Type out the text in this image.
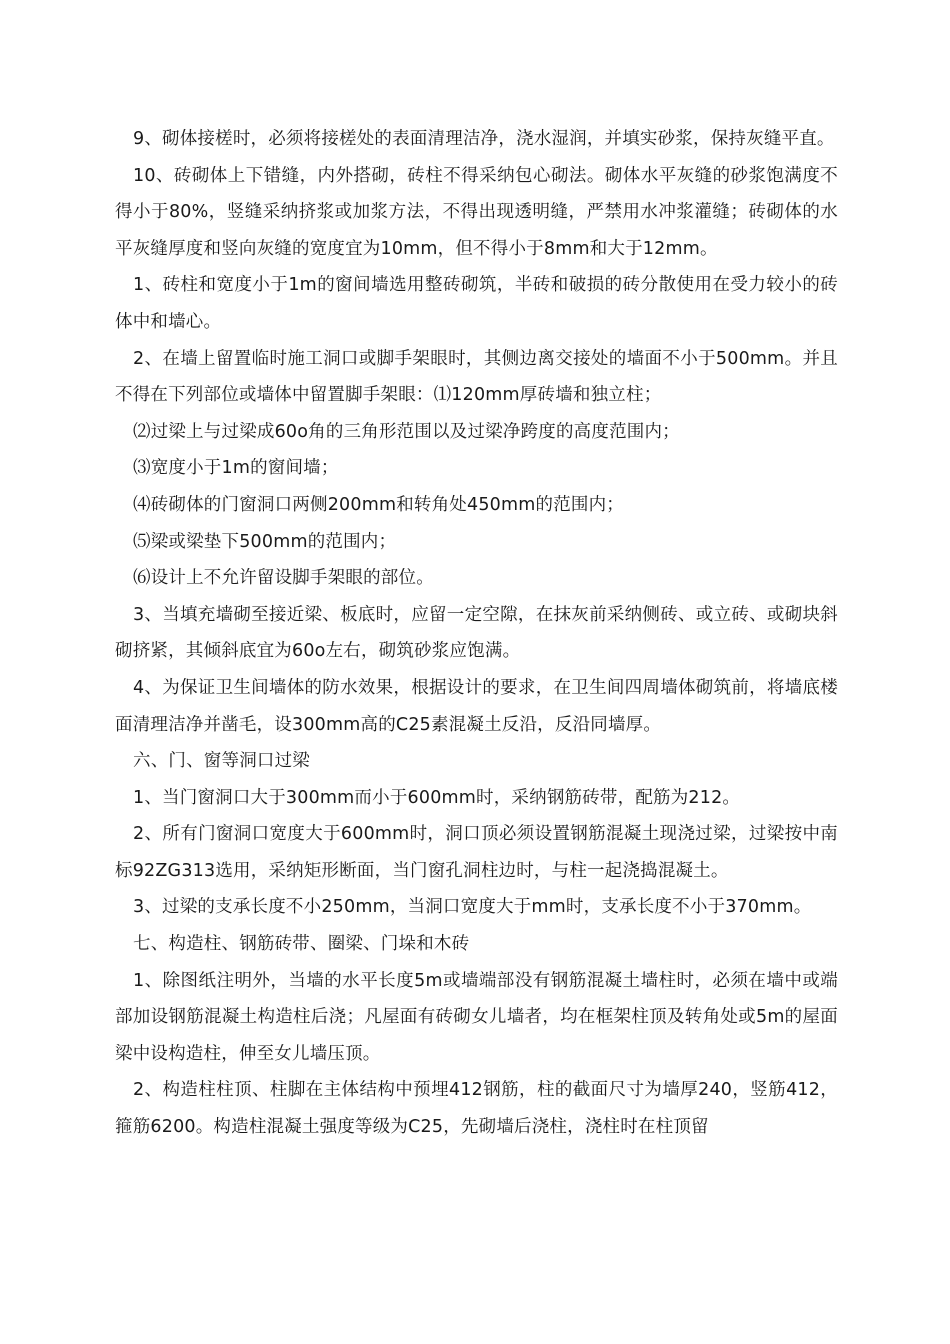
9、砌体接槎时，必须将接槎处的表面清理洁净，浇水湿润，并填实砂浆，保持灰缝平直。

10、砖砌体上下错缝，内外搭砌，砖柱不得采纳包心砌法。砌体水平灰缝的砂浆饱满度不得小于80%，竖缝采纳挤浆或加浆方法，不得出现透明缝，严禁用水冲浆灌缝；砖砌体的水平灰缝厚度和竖向灰缝的宽度宜为10mm，但不得小于8mm和大于12mm。

1、砖柱和宽度小于1m的窗间墙选用整砖砌筑，半砖和破损的砖分散使用在受力较小的砖体中和墙心。

2、在墙上留置临时施工洞口或脚手架眼时，其侧边离交接处的墙面不小于500mm。并且不得在下列部位或墙体中留置脚手架眼：⑴120mm厚砖墙和独立柱；

⑵过梁上与过梁成60o角的三角形范围以及过梁净跨度的高度范围内；

⑶宽度小于1m的窗间墙；

⑷砖砌体的门窗洞口两侧200mm和转角处450mm的范围内；

⑸梁或梁垫下500mm的范围内；

⑹设计上不允许留设脚手架眼的部位。

3、当填充墙砌至接近梁、板底时，应留一定空隙，在抹灰前采纳侧砖、或立砖、或砌块斜砌挤紧，其倾斜底宜为60o左右，砌筑砂浆应饱满。

4、为保证卫生间墙体的防水效果，根据设计的要求，在卫生间四周墙体砌筑前，将墙底楼面清理洁净并凿毛，设300mm高的C25素混凝土反沿，反沿同墙厚。

六、门、窗等洞口过梁

1、当门窗洞口大于300mm而小于600mm时，采纳钢筋砖带，配筋为212。

2、所有门窗洞口宽度大于600mm时，洞口顶必须设置钢筋混凝土现浇过梁，过梁按中南标92ZG313选用，采纳矩形断面，当门窗孔洞柱边时，与柱一起浇捣混凝土。

3、过梁的支承长度不小250mm，当洞口宽度大于mm时，支承长度不小于370mm。

七、构造柱、钢筋砖带、圈梁、门垛和木砖

1、除图纸注明外，当墙的水平长度5m或墙端部没有钢筋混凝土墙柱时，必须在墙中或端部加设钢筋混凝土构造柱后浇；凡屋面有砖砌女儿墙者，均在框架柱顶及转角处或5m的屋面梁中设构造柱，伸至女儿墙压顶。

2、构造柱柱顶、柱脚在主体结构中预埋412钢筋，柱的截面尺寸为墙厚240，竖筋412，箍筋6200。构造柱混凝土强度等级为C25，先砌墙后浇柱，浇柱时在柱顶留
